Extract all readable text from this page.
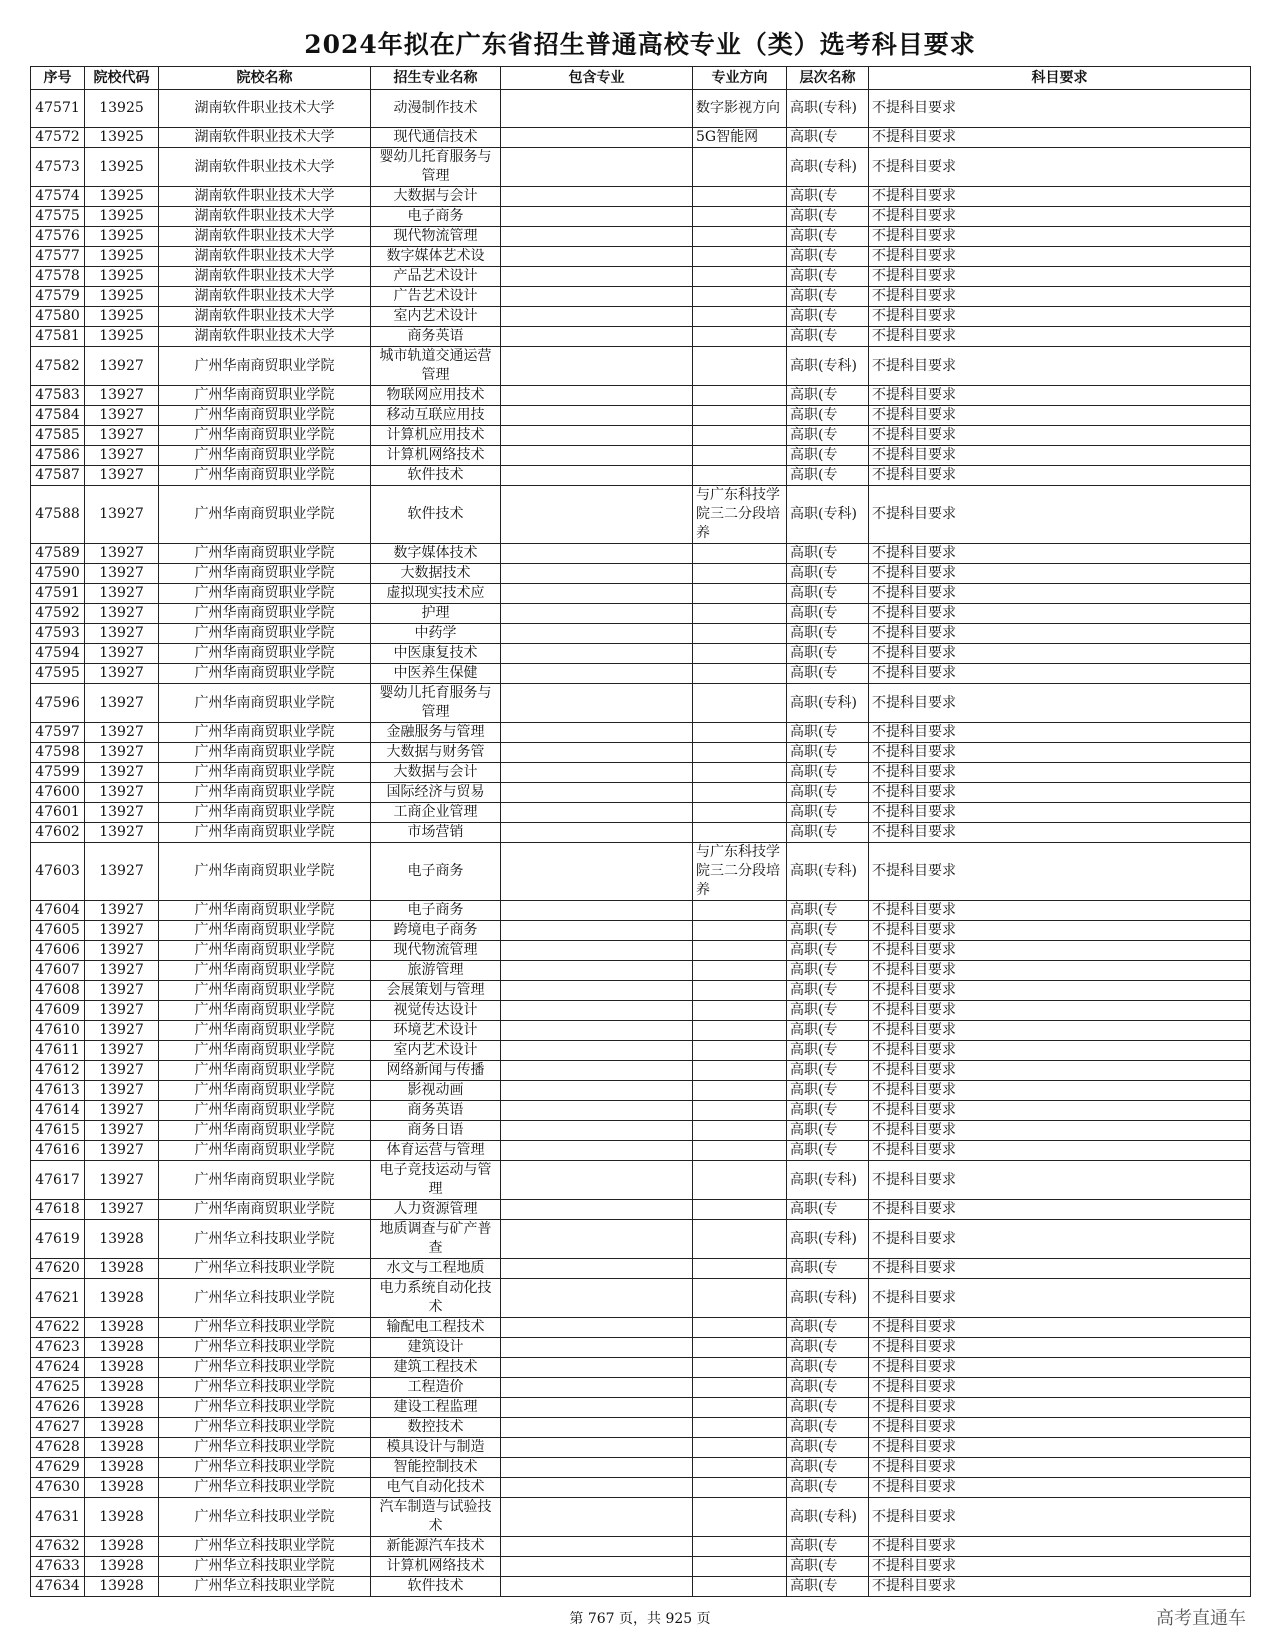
2024年拟在广东省招生普通高校专业（类）选考科目要求
序号	院校代码	院校名称	招生专业名称	包含专业	专业方向	层次名称	科目要求
47571	13925	湖南软件职业技术大学	动漫制作技术		数字影视方向	高职(专科)	不提科目要求
47572	13925	湖南软件职业技术大学	现代通信技术		5G智能网	高职(专	不提科目要求
47573	13925	湖南软件职业技术大学	婴幼儿托育服务与管理			高职(专科)	不提科目要求
47574	13925	湖南软件职业技术大学	大数据与会计			高职(专	不提科目要求
47575	13925	湖南软件职业技术大学	电子商务			高职(专	不提科目要求
47576	13925	湖南软件职业技术大学	现代物流管理			高职(专	不提科目要求
47577	13925	湖南软件职业技术大学	数字媒体艺术设			高职(专	不提科目要求
47578	13925	湖南软件职业技术大学	产品艺术设计			高职(专	不提科目要求
47579	13925	湖南软件职业技术大学	广告艺术设计			高职(专	不提科目要求
47580	13925	湖南软件职业技术大学	室内艺术设计			高职(专	不提科目要求
47581	13925	湖南软件职业技术大学	商务英语			高职(专	不提科目要求
47582	13927	广州华南商贸职业学院	城市轨道交通运营管理			高职(专科)	不提科目要求
47583	13927	广州华南商贸职业学院	物联网应用技术			高职(专	不提科目要求
47584	13927	广州华南商贸职业学院	移动互联应用技			高职(专	不提科目要求
47585	13927	广州华南商贸职业学院	计算机应用技术			高职(专	不提科目要求
47586	13927	广州华南商贸职业学院	计算机网络技术			高职(专	不提科目要求
47587	13927	广州华南商贸职业学院	软件技术			高职(专	不提科目要求
47588	13927	广州华南商贸职业学院	软件技术		与广东科技学院三二分段培养	高职(专科)	不提科目要求
47589	13927	广州华南商贸职业学院	数字媒体技术			高职(专	不提科目要求
47590	13927	广州华南商贸职业学院	大数据技术			高职(专	不提科目要求
47591	13927	广州华南商贸职业学院	虚拟现实技术应			高职(专	不提科目要求
47592	13927	广州华南商贸职业学院	护理			高职(专	不提科目要求
47593	13927	广州华南商贸职业学院	中药学			高职(专	不提科目要求
47594	13927	广州华南商贸职业学院	中医康复技术			高职(专	不提科目要求
47595	13927	广州华南商贸职业学院	中医养生保健			高职(专	不提科目要求
47596	13927	广州华南商贸职业学院	婴幼儿托育服务与管理			高职(专科)	不提科目要求
47597	13927	广州华南商贸职业学院	金融服务与管理			高职(专	不提科目要求
47598	13927	广州华南商贸职业学院	大数据与财务管			高职(专	不提科目要求
47599	13927	广州华南商贸职业学院	大数据与会计			高职(专	不提科目要求
47600	13927	广州华南商贸职业学院	国际经济与贸易			高职(专	不提科目要求
47601	13927	广州华南商贸职业学院	工商企业管理			高职(专	不提科目要求
47602	13927	广州华南商贸职业学院	市场营销			高职(专	不提科目要求
47603	13927	广州华南商贸职业学院	电子商务		与广东科技学院三二分段培养	高职(专科)	不提科目要求
47604	13927	广州华南商贸职业学院	电子商务			高职(专	不提科目要求
47605	13927	广州华南商贸职业学院	跨境电子商务			高职(专	不提科目要求
47606	13927	广州华南商贸职业学院	现代物流管理			高职(专	不提科目要求
47607	13927	广州华南商贸职业学院	旅游管理			高职(专	不提科目要求
47608	13927	广州华南商贸职业学院	会展策划与管理			高职(专	不提科目要求
47609	13927	广州华南商贸职业学院	视觉传达设计			高职(专	不提科目要求
47610	13927	广州华南商贸职业学院	环境艺术设计			高职(专	不提科目要求
47611	13927	广州华南商贸职业学院	室内艺术设计			高职(专	不提科目要求
47612	13927	广州华南商贸职业学院	网络新闻与传播			高职(专	不提科目要求
47613	13927	广州华南商贸职业学院	影视动画			高职(专	不提科目要求
47614	13927	广州华南商贸职业学院	商务英语			高职(专	不提科目要求
47615	13927	广州华南商贸职业学院	商务日语			高职(专	不提科目要求
47616	13927	广州华南商贸职业学院	体育运营与管理			高职(专	不提科目要求
47617	13927	广州华南商贸职业学院	电子竞技运动与管理			高职(专科)	不提科目要求
47618	13927	广州华南商贸职业学院	人力资源管理			高职(专	不提科目要求
47619	13928	广州华立科技职业学院	地质调查与矿产普查			高职(专科)	不提科目要求
47620	13928	广州华立科技职业学院	水文与工程地质			高职(专	不提科目要求
47621	13928	广州华立科技职业学院	电力系统自动化技术			高职(专科)	不提科目要求
47622	13928	广州华立科技职业学院	输配电工程技术			高职(专	不提科目要求
47623	13928	广州华立科技职业学院	建筑设计			高职(专	不提科目要求
47624	13928	广州华立科技职业学院	建筑工程技术			高职(专	不提科目要求
47625	13928	广州华立科技职业学院	工程造价			高职(专	不提科目要求
47626	13928	广州华立科技职业学院	建设工程监理			高职(专	不提科目要求
47627	13928	广州华立科技职业学院	数控技术			高职(专	不提科目要求
47628	13928	广州华立科技职业学院	模具设计与制造			高职(专	不提科目要求
47629	13928	广州华立科技职业学院	智能控制技术			高职(专	不提科目要求
47630	13928	广州华立科技职业学院	电气自动化技术			高职(专	不提科目要求
47631	13928	广州华立科技职业学院	汽车制造与试验技术			高职(专科)	不提科目要求
47632	13928	广州华立科技职业学院	新能源汽车技术			高职(专	不提科目要求
47633	13928	广州华立科技职业学院	计算机网络技术			高职(专	不提科目要求
47634	13928	广州华立科技职业学院	软件技术			高职(专	不提科目要求
第 767 页，共 925 页	高考直通车
